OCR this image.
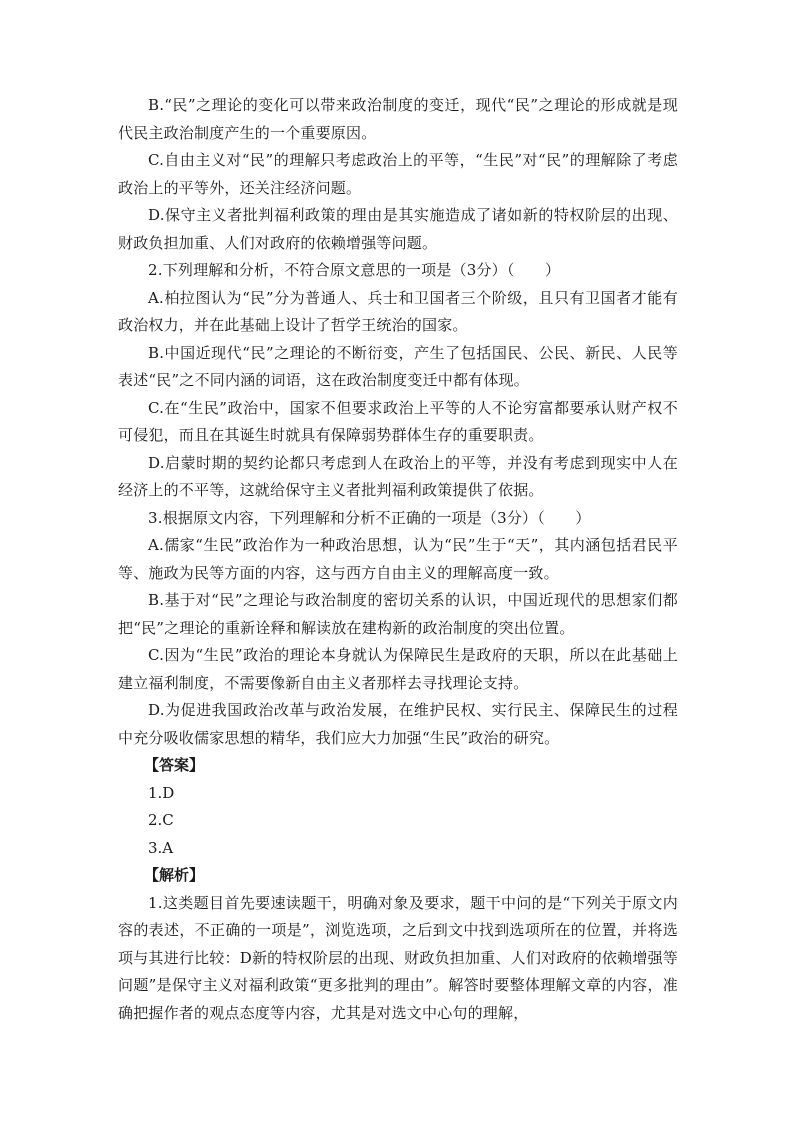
B.“民”之理论的变化可以带来政治制度的变迁，现代“民”之理论的形成就是现代民主政治制度产生的一个重要原因。

C.自由主义对“民”的理解只考虑政治上的平等，“生民”对“民”的理解除了考虑政治上的平等外，还关注经济问题。

D.保守主义者批判福利政策的理由是其实施造成了诸如新的特权阶层的出现、财政负担加重、人们对政府的依赖增强等问题。

2.下列理解和分析，不符合原文意思的一项是（3分）（　　）

A.柏拉图认为“民”分为普通人、兵士和卫国者三个阶级，且只有卫国者才能有政治权力，并在此基础上设计了哲学王统治的国家。

B.中国近现代“民”之理论的不断衍变，产生了包括国民、公民、新民、人民等表述“民”之不同内涵的词语，这在政治制度变迁中都有体现。

C.在“生民”政治中，国家不但要求政治上平等的人不论穷富都要承认财产权不可侵犯，而且在其诞生时就具有保障弱势群体生存的重要职责。

D.启蒙时期的契约论都只考虑到人在政治上的平等，并没有考虑到现实中人在经济上的不平等，这就给保守主义者批判福利政策提供了依据。

3.根据原文内容，下列理解和分析不正确的一项是（3分）（　　）

A.儒家“生民”政治作为一种政治思想，认为“民”生于“天”，其内涵包括君民平等、施政为民等方面的内容，这与西方自由主义的理解高度一致。

B.基于对“民”之理论与政治制度的密切关系的认识，中国近现代的思想家们都把“民”之理论的重新诠释和解读放在建构新的政治制度的突出位置。

C.因为“生民”政治的理论本身就认为保障民生是政府的天职，所以在此基础上建立福利制度，不需要像新自由主义者那样去寻找理论支持。

D.为促进我国政治改革与政治发展，在维护民权、实行民主、保障民生的过程中充分吸收儒家思想的精华，我们应大力加强“生民”政治的研究。

【答案】

1.D

2.C

3.A

【解析】

1.这类题目首先要速读题干，明确对象及要求，题干中问的是“下列关于原文内容的表述，不正确的一项是”，浏览选项，之后到文中找到选项所在的位置，并将选项与其进行比较：D新的特权阶层的出现、财政负担加重、人们对政府的依赖增强等问题”是保守主义对福利政策“更多批判的理由”。解答时要整体理解文章的内容，准确把握作者的观点态度等内容，尤其是对选文中心句的理解，
